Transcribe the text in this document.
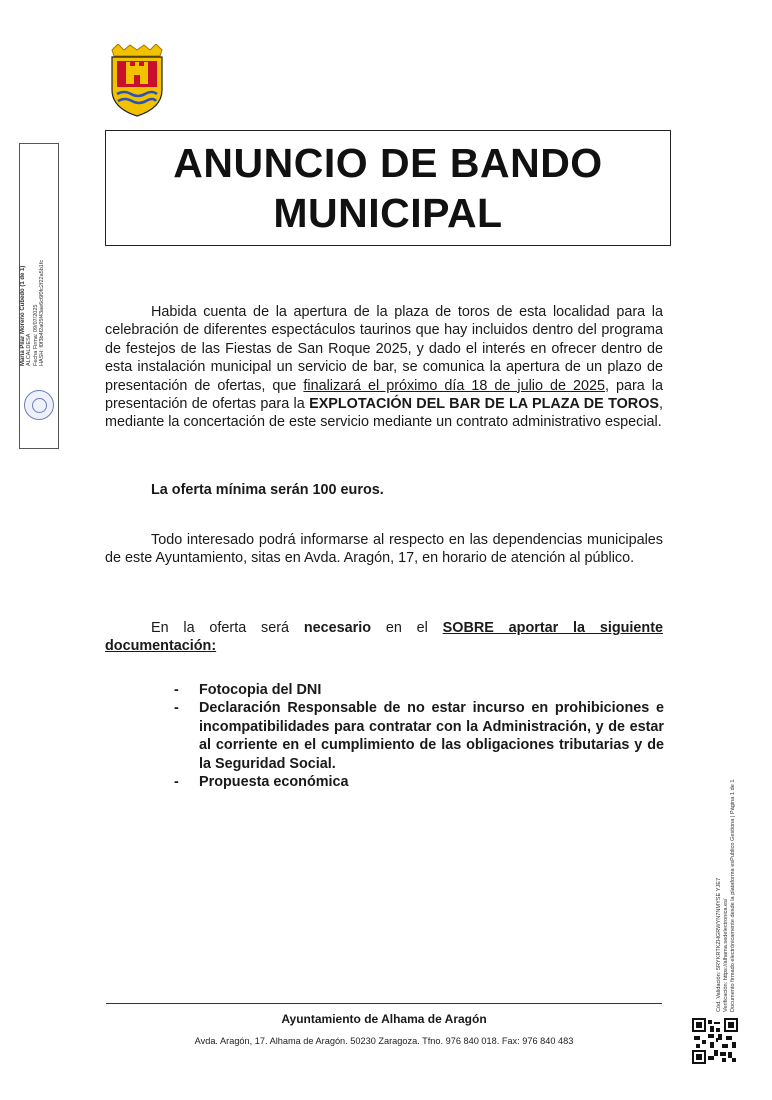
ANUNCIO DE BANDO
MUNICIPAL
María Pilar Moreno Cubedo (1 de 1) ALCALDESA Fecha Firma: 09/07/2025 HASH: f0f3b4f2a05f43ae6c6f0fc2f22a5b1fc	Habida cuenta de la apertura de la plaza de toros de esta localidad para la celebración de diferentes espectáculos taurinos que hay incluidos dentro del programa de festejos de las Fiestas de San Roque 2025, y dado el interés en ofrecer dentro de esta instalación municipal un servicio de bar, se comunica la apertura de un plazo de presentación de ofertas, que finalizará el próximo día 18 de julio de 2025, para la presentación de ofertas para la EXPLOTACIÓN DEL BAR DE LA PLAZA DE TOROS, mediante la concertación de este servicio mediante un contrato administrativo especial.

La oferta mínima serán 100 euros.

Todo interesado podrá informarse al respecto en las dependencias municipales de este Ayuntamiento, sitas en Avda. Aragón, 17, en horario de atención al público.

En la oferta será necesario en el SOBRE aportar la siguiente documentación:

- Fotocopia del DNI
- Declaración Responsable de no estar incurso en prohibiciones e incompatibilidades para contratar con la Administración, y de estar al corriente en el cumplimiento de las obligaciones tributarias y de la Seguridad Social.
- Propuesta económica
Ayuntamiento de Alhama de Aragón
Avda. Aragón, 17. Alhama de Aragón. 50230 Zaragoza. Tfno. 976 840 018. Fax: 976 840 483
Cód. Validación: 5RYKRTKZHGRWYN7NMYSE YJE7 Verificación: https://alhama.sedelectronica.es/ Documento firmado electrónicamente desde la plataforma esPublico Gestiona | Página 1 de 1
